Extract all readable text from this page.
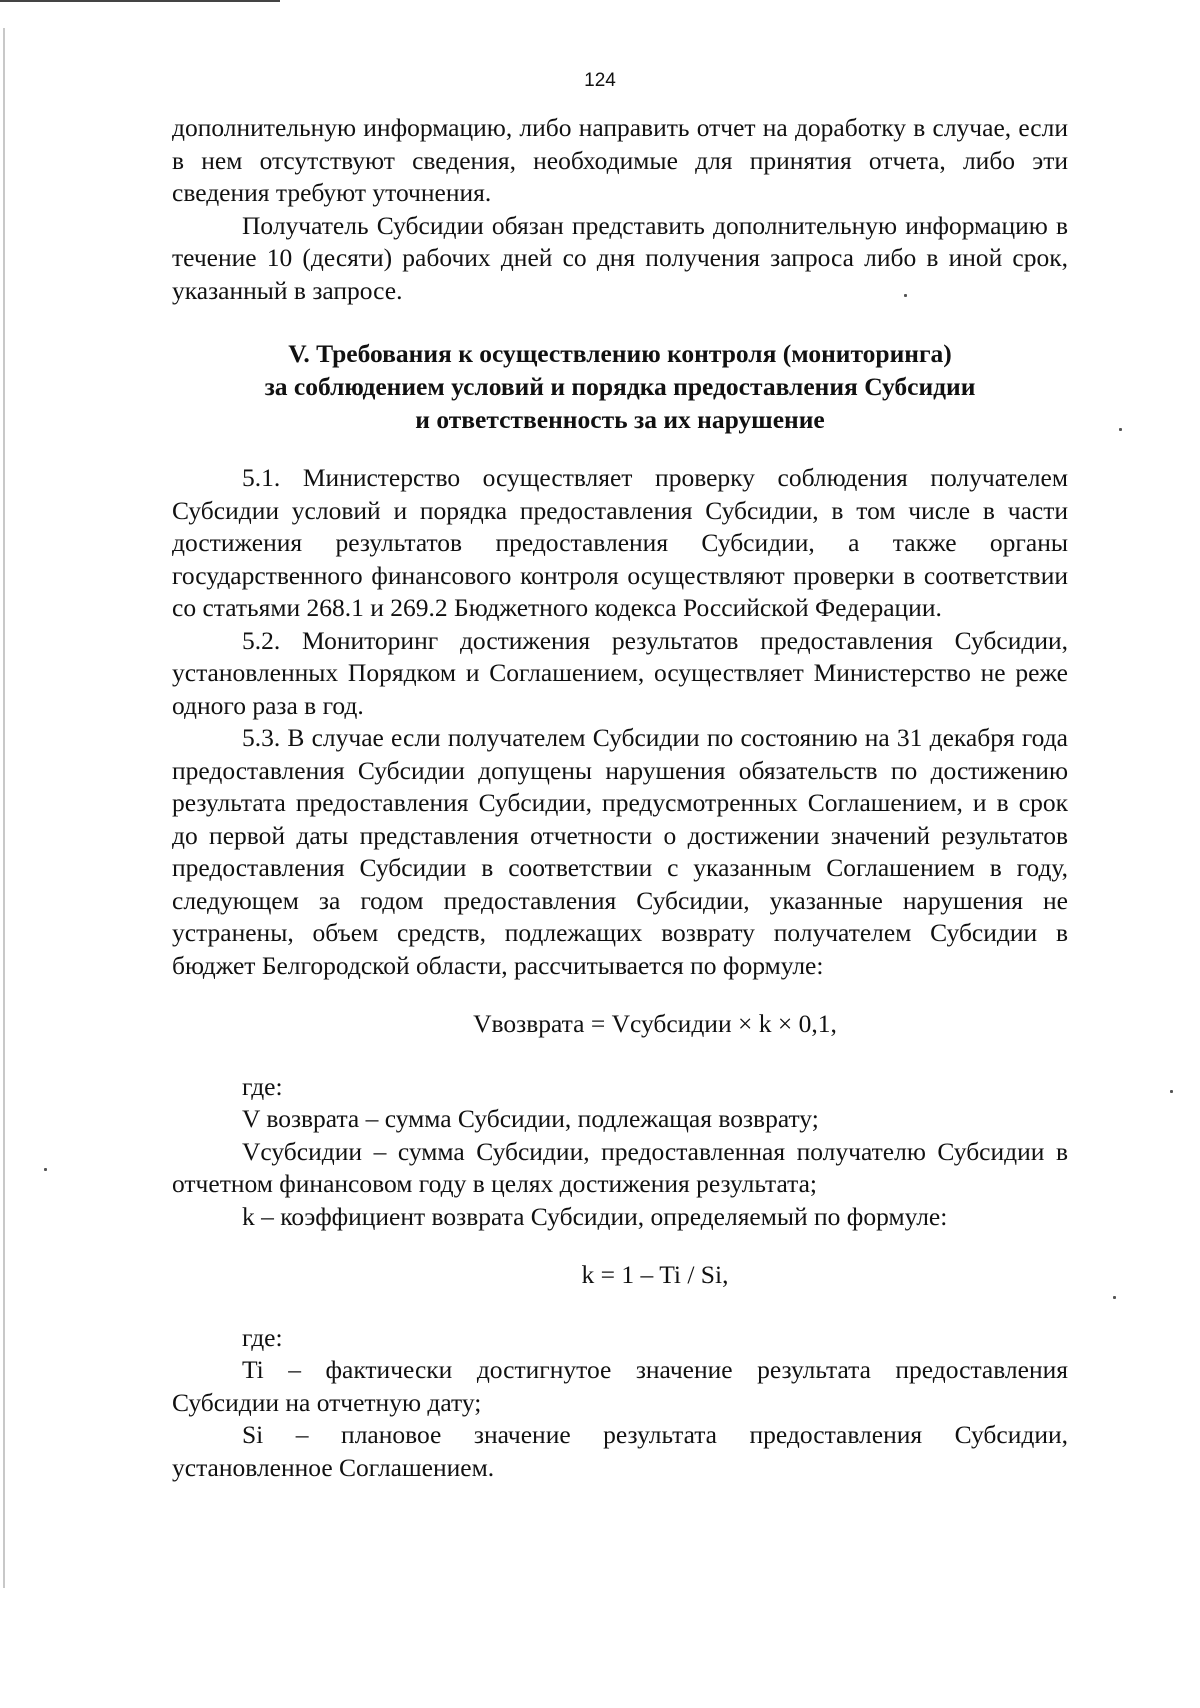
124

дополнительную информацию, либо направить отчет на доработку в случае, если в нем отсутствуют сведения, необходимые для принятия отчета, либо эти сведения требуют уточнения.

Получатель Субсидии обязан представить дополнительную информацию в течение 10 (десяти) рабочих дней со дня получения запроса либо в иной срок, указанный в запросе.

V. Требования к осуществлению контроля (мониторинга)
за соблюдением условий и порядка предоставления Субсидии
и ответственность за их нарушение

5.1. Министерство осуществляет проверку соблюдения получателем Субсидии условий и порядка предоставления Субсидии, в том числе в части достижения результатов предоставления Субсидии, а также органы государственного финансового контроля осуществляют проверки в соответствии со статьями 268.1 и 269.2 Бюджетного кодекса Российской Федерации.

5.2. Мониторинг достижения результатов предоставления Субсидии, установленных Порядком и Соглашением, осуществляет Министерство не реже одного раза в год.

5.3. В случае если получателем Субсидии по состоянию на 31 декабря года предоставления Субсидии допущены нарушения обязательств по достижению результата предоставления Субсидии, предусмотренных Соглашением, и в срок до первой даты представления отчетности о достижении значений результатов предоставления Субсидии в соответствии с указанным Соглашением в году, следующем за годом предоставления Субсидии, указанные нарушения не устранены, объем средств, подлежащих возврату получателем Субсидии в бюджет Белгородской области, рассчитывается по формуле:

Vвозврата = Vсубсидии × k × 0,1,

где:

V возврата – сумма Субсидии, подлежащая возврату;

Vсубсидии – сумма Субсидии, предоставленная получателю Субсидии в отчетном финансовом году в целях достижения результата;

k – коэффициент возврата Субсидии, определяемый по формуле:

k = 1 – Ti / Si,

где:

Ti – фактически достигнутое значение результата предоставления Субсидии на отчетную дату;

Si – плановое значение результата предоставления Субсидии, установленное Соглашением.
